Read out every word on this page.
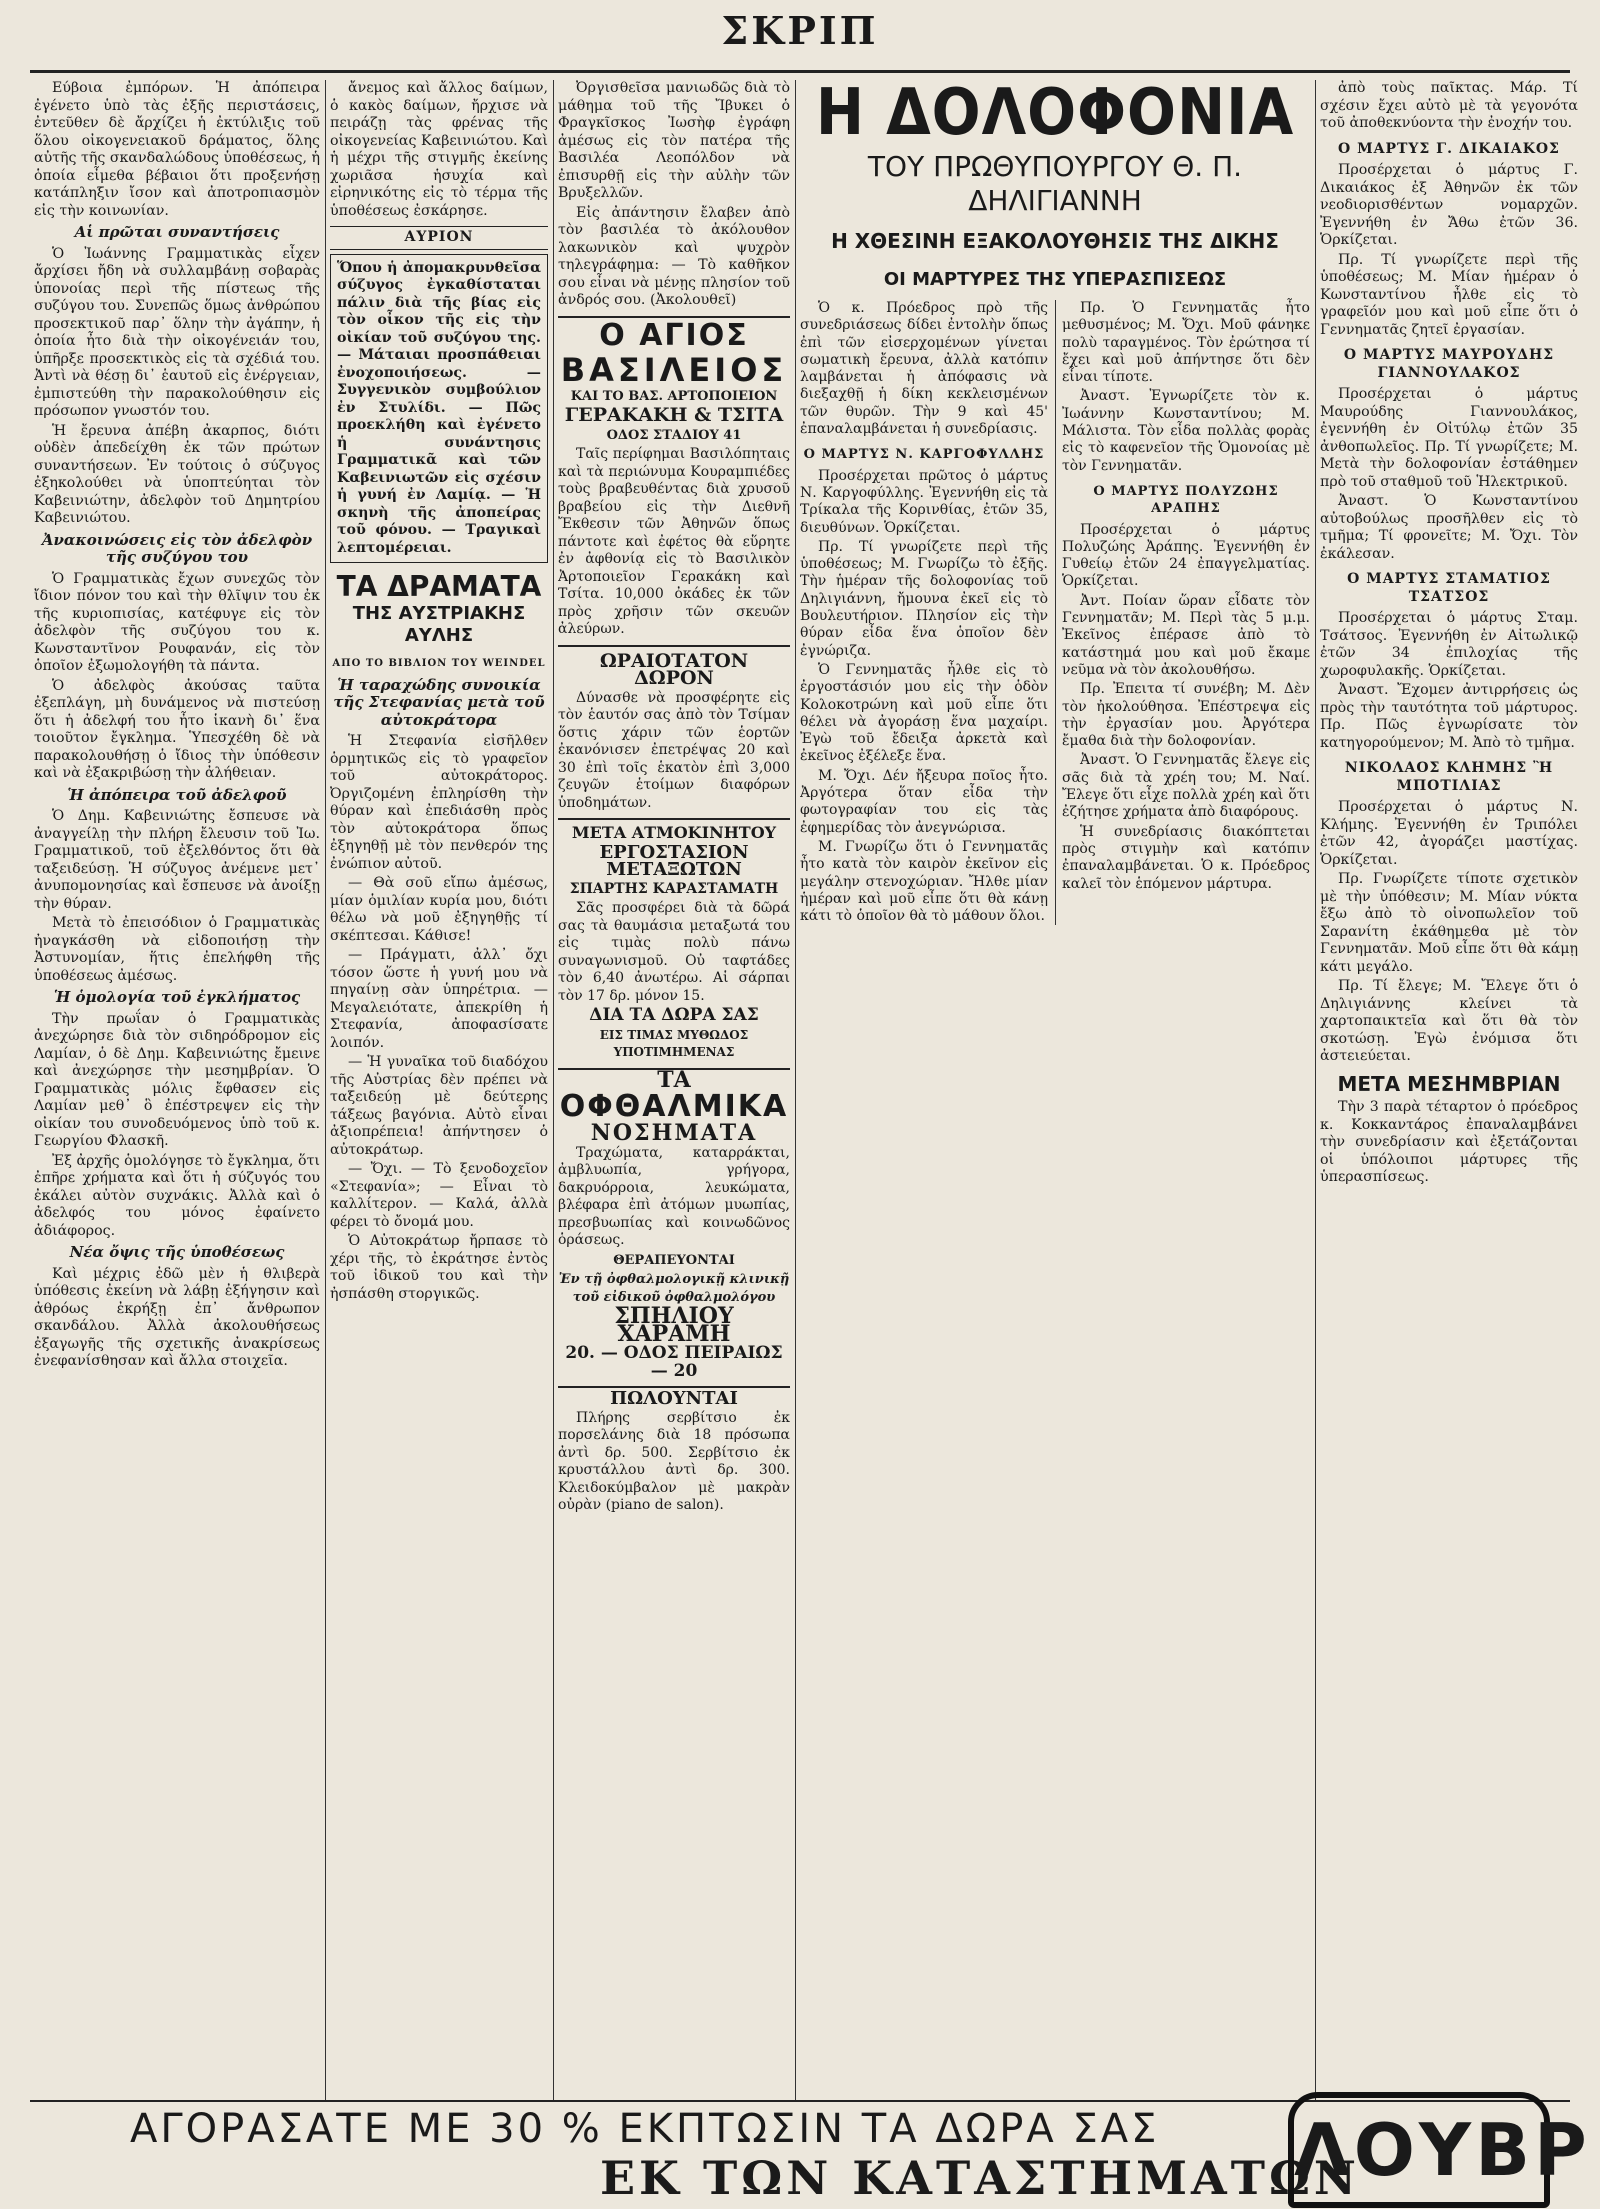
ΣΚΡΙΠ

Εύβοια ἐμπόρων. Ἡ ἀπόπειρα ἐγένετο ὑπὸ τὰς ἐξῆς περιστάσεις, ἐντεῦθεν δὲ ἄρχίζει ἡ ἐκτύλιξις τοῦ ὅλου οἰκογενειακοῦ δράματος, ὅλης αὐτῆς τῆς σκανδαλώδους ὑποθέσεως, ἡ ὁποία εἶμεθα βέβαιοι ὅτι προξενήσῃ κατάπληξιν ἴσον καὶ ἀποτροπιασμὸν εἰς τὴν κοινωνίαν.

Αἱ πρῶται συναντήσεις

Ὁ Ἰωάννης Γραμματικὰς εἶχεν ἄρχίσει ἤδη νὰ συλλαμβάνῃ σοβαρὰς ὑπονοίας περὶ τῆς πίστεως τῆς συζύγου του. Συνεπῶς ὅμως ἀνθρώπου προσεκτικοῦ παρ᾽ ὅλην τὴν ἀγάπην, ἡ ὁποία ἦτο διὰ τὴν οἰκογένειάν του, ὑπῆρξε προσεκτικὸς εἰς τὰ σχέδιά του. Ἀντὶ νὰ θέσῃ δι᾽ ἑαυτοῦ εἰς ἐνέργειαν, ἐμπιστεύθη τὴν παρακολούθησιν εἰς πρόσωπον γνωστόν του.

Ἡ ἔρευνα ἀπέβη ἀκαρπος, διότι οὐδὲν ἀπεδείχθη ἐκ τῶν πρώτων συναντήσεων. Ἐν τούτοις ὁ σύζυγος ἐξηκολούθει νὰ ὑποπτεύηται τὸν Καβεινιώτην, ἀδελφὸν τοῦ Δημητρίου Καβεινιώτου.

Ἀνακοινώσεις εἰς τὸν ἀδελφὸν τῆς συζύγου του

Ὁ Γραμματικὰς ἔχων συνεχῶς τὸν ἴδιον πόνον του καὶ τὴν θλῖψιν του ἐκ τῆς κυριοπισίας, κατέφυγε εἰς τὸν ἀδελφὸν τῆς συζύγου του κ. Κωνσταντῖνον Ρουφανάν, εἰς τὸν ὁποῖον ἐξωμολογήθη τὰ πάντα.

Ὁ ἀδελφὸς ἀκούσας ταῦτα ἐξεπλάγη, μὴ δυνάμενος νὰ πιστεύσῃ ὅτι ἡ ἀδελφή του ἦτο ἱκανὴ δι᾽ ἕνα τοιοῦτον ἔγκλημα. Ὑπεσχέθη δὲ νὰ παρακολουθήσῃ ὁ ἴδιος τὴν ὑπόθεσιν καὶ νὰ ἐξακριβώσῃ τὴν ἀλήθειαν.

Ἡ ἀπόπειρα τοῦ ἀδελφοῦ

Ὁ Δημ. Καβεινιώτης ἔσπευσε νὰ ἀναγγείλῃ τὴν πλήρη ἔλευσιν τοῦ Ἰω. Γραμματικοῦ, τοῦ ἐξελθόντος ὅτι θὰ ταξειδεύσῃ. Ἡ σύζυγος ἀνέμενε μετ᾽ ἀνυπομονησίας καὶ ἔσπευσε νὰ ἀνοίξῃ τὴν θύραν.

Μετὰ τὸ ἐπεισόδιον ὁ Γραμματικὰς ἠναγκάσθη νὰ εἰδοποιήσῃ τὴν Ἀστυνομίαν, ἥτις ἐπελήφθη τῆς ὑποθέσεως ἀμέσως.

Ἡ ὁμολογία τοῦ ἐγκλήματος

Τὴν πρωΐαν ὁ Γραμματικὰς ἀνεχώρησε διὰ τὸν σιδηρόδρομον εἰς Λαμίαν, ὁ δὲ Δημ. Καβεινιώτης ἔμεινε καὶ ἀνεχώρησε τὴν μεσημβρίαν. Ὁ Γραμματικὰς μόλις ἔφθασεν εἰς Λαμίαν μεθ᾽ ὃ ἐπέστρεψεν εἰς τὴν οἰκίαν του συνοδευόμενος ὑπὸ τοῦ κ. Γεωργίου Φλασκῆ.

Ἐξ ἀρχῆς ὁμολόγησε τὸ ἔγκλημα, ὅτι ἐπῆρε χρήματα καὶ ὅτι ἡ σύζυγός του ἐκάλει αὐτὸν συχνάκις. Ἀλλὰ καὶ ὁ ἀδελφός του μόνος ἐφαίνετο ἀδιάφορος.

Νέα ὄψις τῆς ὑποθέσεως

Καὶ μέχρις ἐδῶ μὲν ἡ θλιβερὰ ὑπόθεσις ἐκείνη νὰ λάβῃ ἐξήγησιν καὶ ἀθρόως ἐκρήξῃ ἐπ᾽ ἄνθρωπον σκανδάλου. Ἀλλὰ ἀκολουθήσεως ἐξαγωγῆς τῆς σχετικῆς ἀνακρίσεως ἐνεφανίσθησαν καὶ ἄλλα στοιχεῖα.

ἄνεμος καὶ ἄλλος δαίμων, ὁ κακὸς δαίμων, ἤρχισε νὰ πειράζῃ τὰς φρένας τῆς οἰκογενείας Καβεινιώτου. Καὶ ἡ μέχρι τῆς στιγμῆς ἐκείνης χωριᾶσα ἡσυχία καὶ εἰρηνικότης εἰς τὸ τέρμα τῆς ὑποθέσεως ἐσκάρησε.

ΑΥΡΙΟΝ
Ὅπου ἡ ἀπομακρυνθεῖσα σύζυγος ἐγκαθίσταται πάλιν διὰ τῆς βίας εἰς τὸν οἶκον τῆς εἰς τὴν οἰκίαν τοῦ συζύγου της. — Μάταιαι προσπάθειαι ἐνοχοποιήσεως. — Συγγενικὸν συμβούλιον ἐν Στυλίδι. — Πῶς προεκλήθη καὶ ἐγένετο ἡ συνάντησις Γραμματικᾶ καὶ τῶν Καβεινιωτῶν εἰς σχέσιν ἡ γυνή ἐν Λαμίᾳ. — Ἡ σκηνὴ τῆς ἀποπείρας τοῦ φόνου. — Τραγικαὶ λεπτομέρειαι.
ΤΑ ΔΡΑΜΑΤΑ
ΤΗΣ ΑΥΣΤΡΙΑΚΗΣ ΑΥΛΗΣ
ΑΠΟ ΤΟ ΒΙΒΛΙΟΝ ΤΟΥ WEINDEL
Ἡ ταραχώδης συνοικία τῆς Στεφανίας μετὰ τοῦ αὐτοκράτορα

Ἡ Στεφανία εἰσῆλθεν ὁρμητικῶς εἰς τὸ γραφεῖον τοῦ αὐτοκράτορος. Ὀργιζομένη ἐπληρίσθη τὴν θύραν καὶ ἐπεδιάσθη πρὸς τὸν αὐτοκράτορα ὅπως ἐξηγηθῇ μὲ τὸν πενθερόν της ἐνώπιον αὐτοῦ.

— Θὰ σοῦ εἴπω ἀμέσως, μίαν ὁμιλίαν κυρία μου, διότι θέλω νὰ μοῦ ἐξηγηθῇς τί σκέπτεσαι. Κάθισε!

— Πράγματι, ἀλλ᾽ ὄχι τόσον ὥστε ἡ γυνή μου νὰ πηγαίνῃ σὰν ὑπηρέτρια. — Μεγαλειότατε, ἀπεκρίθη ἡ Στεφανία, ἀποφασίσατε λοιπόν.

— Ἡ γυναῖκα τοῦ διαδόχου τῆς Αὐστρίας δὲν πρέπει νὰ ταξειδεύῃ μὲ δεύτερης τάξεως βαγόνια. Αὐτὸ εἶναι ἀξιοπρέπεια! ἀπήντησεν ὁ αὐτοκράτωρ.

— Ὄχι. — Τὸ ξενοδοχεῖον «Στεφανία»; — Εἶναι τὸ καλλίτερον. — Καλά, ἀλλὰ φέρει τὸ ὄνομά μου.

Ὁ Αὐτοκράτωρ ἤρπασε τὸ χέρι τῆς, τὸ ἐκράτησε ἐντὸς τοῦ ἰδικοῦ του καὶ τὴν ἠσπάσθη στοργικῶς.

Ὀργισθεῖσα μανιωδῶς διὰ τὸ μάθημα τοῦ τῆς Ἴβυκει ὁ Φραγκῖσκος Ἰωσὴφ ἐγράφη ἀμέσως εἰς τὸν πατέρα τῆς Βασιλέα Λεοπόλδον νὰ ἐπισυρθῇ εἰς τὴν αὐλὴν τῶν Βρυξελλῶν.

Εἰς ἀπάντησιν ἔλαβεν ἀπὸ τὸν βασιλέα τὸ ἀκόλουθον λακωνικὸν καὶ ψυχρὸν τηλεγράφημα: — Τὸ καθῆκον σου εἶναι νὰ μένῃς πλησίον τοῦ ἀνδρός σου. (Ἀκολουθεῖ)

Ο ΑΓΙΟΣ
ΒΑΣΙΛΕΙΟΣ
ΚΑΙ ΤΟ ΒΑΣ. ΑΡΤΟΠΟΙΕΙΟΝ
ΓΕΡΑΚΑΚΗ & ΤΣΙΤΑ
ΟΔΟΣ ΣΤΑΔΙΟΥ 41

Ταῖς περίφημαι Βασιλόπηταις καὶ τὰ περιώνυμα Κουραμπιέδες τοὺς βραβευθέντας διὰ χρυσοῦ βραβείου εἰς τὴν Διεθνῆ Ἔκθεσιν τῶν Ἀθηνῶν ὅπως πάντοτε καὶ ἐφέτος θὰ εὕρητε ἐν ἀφθονίᾳ εἰς τὸ Βασιλικὸν Ἀρτοποιεῖον Γερακάκη καὶ Τσίτα. 10,000 ὀκάδες ἐκ τῶν πρὸς χρῆσιν τῶν σκευῶν ἀλεύρων.

ΩΡΑΙΟΤΑΤΟΝ ΔΩΡΟΝ

Δύνασθε νὰ προσφέρητε εἰς τὸν ἑαυτόν σας ἀπὸ τὸν Τσίμαν ὅστις χάριν τῶν ἑορτῶν ἐκανόνισεν ἐπετρέψας 20 καὶ 30 ἐπὶ τοῖς ἑκατὸν ἐπὶ 3,000 ζευγῶν ἑτοίμων διαφόρων ὑποδημάτων.

ΜΕΤΑ ΑΤΜΟΚΙΝΗΤΟΥ
ΕΡΓΟΣΤΑΣΙΟΝ ΜΕΤΑΞΩΤΩΝ
ΣΠΑΡΤΗΣ ΚΑΡΑΣΤΑΜΑΤΗ

Σᾶς προσφέρει διὰ τὰ δῶρά σας τὰ θαυμάσια μεταξωτά του εἰς τιμὰς πολὺ πάνω συναγωνισμοῦ. Οὐ ταφτάδες τὸν 6,40 ἀνωτέρω. Αἱ σάρπαι τὸν 17 δρ. μόνον 15.

ΔΙΑ ΤΑ ΔΩΡΑ ΣΑΣ
ΕΙΣ ΤΙΜΑΣ ΜΥΘΩΔΟΣ ΥΠΟΤΙΜΗΜΕΝΑΣ
ΤΑ
ΟΦΘΑΛΜΙΚΑ
ΝΟΣΗΜΑΤΑ

Τραχώματα, καταρράκται, ἀμβλυωπία, γρήγορα, δακρυόρροια, λευκώματα, βλέφαρα ἐπὶ ἀτόμων μυωπίας, πρεσβυωπίας καὶ κοινωδῶνος ὁράσεως.

ΘΕΡΑΠΕΥΟΝΤΑΙ
Ἐν τῇ ὀφθαλμολογικῇ κλινικῇ τοῦ εἰδικοῦ ὀφθαλμολόγου
ΣΠΗΛΙΟΥ ΧΑΡΑΜΗ
20. — ΟΔΟΣ ΠΕΙΡΑΙΩΣ — 20
ΠΩΛΟΥΝΤΑΙ

Πλήρης σερβίτσιο ἐκ πορσελάνης διὰ 18 πρόσωπα ἀντὶ δρ. 500. Σερβίτσιο ἐκ κρυστάλλου ἀντὶ δρ. 300. Κλειδοκύμβαλον μὲ μακρὰν οὐρὰν (piano de salon).

Η ΔΟΛΟΦΟΝΙΑ
ΤΟΥ ΠΡΩΘΥΠΟΥΡΓΟΥ Θ. Π. ΔΗΛΙΓΙΑΝΝΗ
Η ΧΘΕΣΙΝΗ ΕΞΑΚΟΛΟΥΘΗΣΙΣ ΤΗΣ ΔΙΚΗΣ
ΟΙ ΜΑΡΤΥΡΕΣ ΤΗΣ ΥΠΕΡΑΣΠΙΣΕΩΣ

Ὁ κ. Πρόεδρος πρὸ τῆς συνεδριάσεως δίδει ἐντολὴν ὅπως ἐπὶ τῶν εἰσερχομένων γίνεται σωματικὴ ἔρευνα, ἀλλὰ κατόπιν λαμβάνεται ἡ ἀπόφασις νὰ διεξαχθῇ ἡ δίκη κεκλεισμένων τῶν θυρῶν. Τὴν 9 καὶ 45' ἐπαναλαμβάνεται ἡ συνεδρίασις.

Ο ΜΑΡΤΥΣ Ν. ΚΑΡΓΟΦΥΛΛΗΣ

Προσέρχεται πρῶτος ὁ μάρτυς Ν. Καργοφύλλης. Ἐγεννήθη εἰς τὰ Τρίκαλα τῆς Κορινθίας, ἐτῶν 35, διευθύνων. Ὁρκίζεται.

Πρ. Τί γνωρίζετε περὶ τῆς ὑποθέσεως; Μ. Γνωρίζω τὸ ἐξῆς. Τὴν ἡμέραν τῆς δολοφονίας τοῦ Δηλιγιάννη, ἤμουνα ἐκεῖ εἰς τὸ Βουλευτήριον. Πλησίον εἰς τὴν θύραν εἶδα ἕνα ὁποῖον δὲν ἐγνώριζα.

Ὁ Γεννηματᾶς ἦλθε εἰς τὸ ἐργοστάσιόν μου εἰς τὴν ὁδὸν Κολοκοτρώνη καὶ μοῦ εἶπε ὅτι θέλει νὰ ἀγοράσῃ ἕνα μαχαίρι. Ἐγὼ τοῦ ἔδειξα ἀρκετὰ καὶ ἐκεῖνος ἐξέλεξε ἕνα.

Μ. Ὄχι. Δέν ἤξευρα ποῖος ἦτο. Ἀργότερα ὅταν εἶδα τὴν φωτογραφίαν του εἰς τὰς ἐφημερίδας τὸν ἀνεγνώρισα.

Μ. Γνωρίζω ὅτι ὁ Γεννηματᾶς ἦτο κατὰ τὸν καιρὸν ἐκεῖνον εἰς μεγάλην στενοχώριαν. Ἤλθε μίαν ἡμέραν καὶ μοῦ εἶπε ὅτι θὰ κάνῃ κάτι τὸ ὁποῖον θὰ τὸ μάθουν ὅλοι.

Πρ. Ὁ Γεννηματᾶς ἦτο μεθυσμένος; Μ. Ὄχι. Μοῦ φάνηκε πολὺ ταραγμένος. Τὸν ἐρώτησα τί ἔχει καὶ μοῦ ἀπήντησε ὅτι δὲν εἶναι τίποτε.

Ἀναστ. Ἐγνωρίζετε τὸν κ. Ἰωάννην Κωνσταντίνου; Μ. Μάλιστα. Τὸν εἶδα πολλὰς φορὰς εἰς τὸ καφενεῖον τῆς Ὁμονοίας μὲ τὸν Γεννηματᾶν.

Ο ΜΑΡΤΥΣ ΠΟΛΥΖΩΗΣ ΑΡΑΠΗΣ

Προσέρχεται ὁ μάρτυς Πολυζώης Ἀράπης. Ἐγεννήθη ἐν Γυθείῳ ἐτῶν 24 ἐπαγγελματίας. Ὁρκίζεται.

Ἀντ. Ποίαν ὥραν εἶδατε τὸν Γεννηματᾶν; Μ. Περὶ τὰς 5 μ.μ. Ἐκεῖνος ἐπέρασε ἀπὸ τὸ κατάστημά μου καὶ μοῦ ἔκαμε νεῦμα νὰ τὸν ἀκολουθήσω.

Πρ. Ἐπειτα τί συνέβη; Μ. Δὲν τὸν ἠκολούθησα. Ἐπέστρεψα εἰς τὴν ἐργασίαν μου. Ἀργότερα ἔμαθα διὰ τὴν δολοφονίαν.

Ἀναστ. Ὁ Γεννηματᾶς ἔλεγε εἰς σᾶς διὰ τὰ χρέη του; Μ. Ναί. Ἔλεγε ὅτι εἶχε πολλὰ χρέη καὶ ὅτι ἐζήτησε χρήματα ἀπὸ διαφόρους.

Ἡ συνεδρίασις διακόπτεται πρὸς στιγμὴν καὶ κατόπιν ἐπαναλαμβάνεται. Ὁ κ. Πρόεδρος καλεῖ τὸν ἑπόμενον μάρτυρα.

ἀπὸ τοὺς παῖκτας. Μάρ. Τί σχέσιν ἔχει αὐτὸ μὲ τὰ γεγονότα τοῦ ἀποθεκνύοντα τὴν ἐνοχήν του.

Ο ΜΑΡΤΥΣ Γ. ΔΙΚΑΙΑΚΟΣ

Προσέρχεται ὁ μάρτυς Γ. Δικαιάκος ἐξ Ἀθηνῶν ἐκ τῶν νεοδιορισθέντων νομαρχῶν. Ἐγεννήθη ἐν Ἄθω ἐτῶν 36. Ὁρκίζεται.

Πρ. Τί γνωρίζετε περὶ τῆς ὑποθέσεως; Μ. Μίαν ἡμέραν ὁ Κωνσταντίνου ἦλθε εἰς τὸ γραφεῖόν μου καὶ μοῦ εἶπε ὅτι ὁ Γεννηματᾶς ζητεῖ ἐργασίαν.

Ο ΜΑΡΤΥΣ ΜΑΥΡΟΥΔΗΣ ΓΙΑΝΝΟΥΛΑΚΟΣ

Προσέρχεται ὁ μάρτυς Μαυρούδης Γιαννουλάκος, ἐγεννήθη ἐν Οἰτύλῳ ἐτῶν 35 ἀνθοπωλεῖος. Πρ. Τί γνωρίζετε; Μ. Μετὰ τὴν δολοφονίαν ἐστάθημεν πρὸ τοῦ σταθμοῦ τοῦ Ἡλεκτρικοῦ.

Ἀναστ. Ὁ Κωνσταντίνου αὐτοβούλως προσῆλθεν εἰς τὸ τμῆμα; Τί φρονεῖτε; Μ. Ὄχι. Τὸν ἐκάλεσαν.

Ο ΜΑΡΤΥΣ ΣΤΑΜΑΤΙΟΣ ΤΣΑΤΣΟΣ

Προσέρχεται ὁ μάρτυς Σταμ. Τσάτσος. Ἐγεννήθη ἐν Αἰτωλικῷ ἐτῶν 34 ἐπιλοχίας τῆς χωροφυλακῆς. Ὁρκίζεται.

Ἀναστ. Ἔχομεν ἀντιρρήσεις ὡς πρὸς τὴν ταυτότητα τοῦ μάρτυρος. Πρ. Πῶς ἐγνωρίσατε τὸν κατηγορούμενον; Μ. Ἀπὸ τὸ τμῆμα.

ΝΙΚΟΛΑΟΣ ΚΛΗΜΗΣ Ἢ ΜΠΟΤΙΛΙΑΣ

Προσέρχεται ὁ μάρτυς Ν. Κλήμης. Ἐγεννήθη ἐν Τριπόλει ἐτῶν 42, ἀγοράζει μαστίχας. Ὁρκίζεται.

Πρ. Γνωρίζετε τίποτε σχετικὸν μὲ τὴν ὑπόθεσιν; Μ. Μίαν νύκτα ἔξω ἀπὸ τὸ οἰνοπωλεῖον τοῦ Σαρανίτη ἐκάθημεθα μὲ τὸν Γεννηματᾶν. Μοῦ εἶπε ὅτι θὰ κάμῃ κάτι μεγάλο.

Πρ. Τί ἔλεγε; Μ. Ἔλεγε ὅτι ὁ Δηλιγιάννης κλείνει τὰ χαρτοπαικτεῖα καὶ ὅτι θὰ τὸν σκοτώσῃ. Ἐγὼ ἐνόμισα ὅτι ἀστειεύεται.

ΜΕΤΑ ΜΕΣΗΜΒΡΙΑΝ

Τὴν 3 παρὰ τέταρτον ὁ πρόεδρος κ. Κοκκαντάρος ἐπαναλαμβάνει τὴν συνεδρίασιν καὶ ἐξετάζονται οἱ ὑπόλοιποι μάρτυρες τῆς ὑπερασπίσεως.

ΑΓΟΡΑΣΑΤΕ ΜΕ 30 % ΕΚΠΤΩΣΙΝ ΤΑ ΔΩΡΑ ΣΑΣ
ΕΚ ΤΩΝ ΚΑΤΑΣΤΗΜΑΤΩΝ
ΛΟΥΒΡ
